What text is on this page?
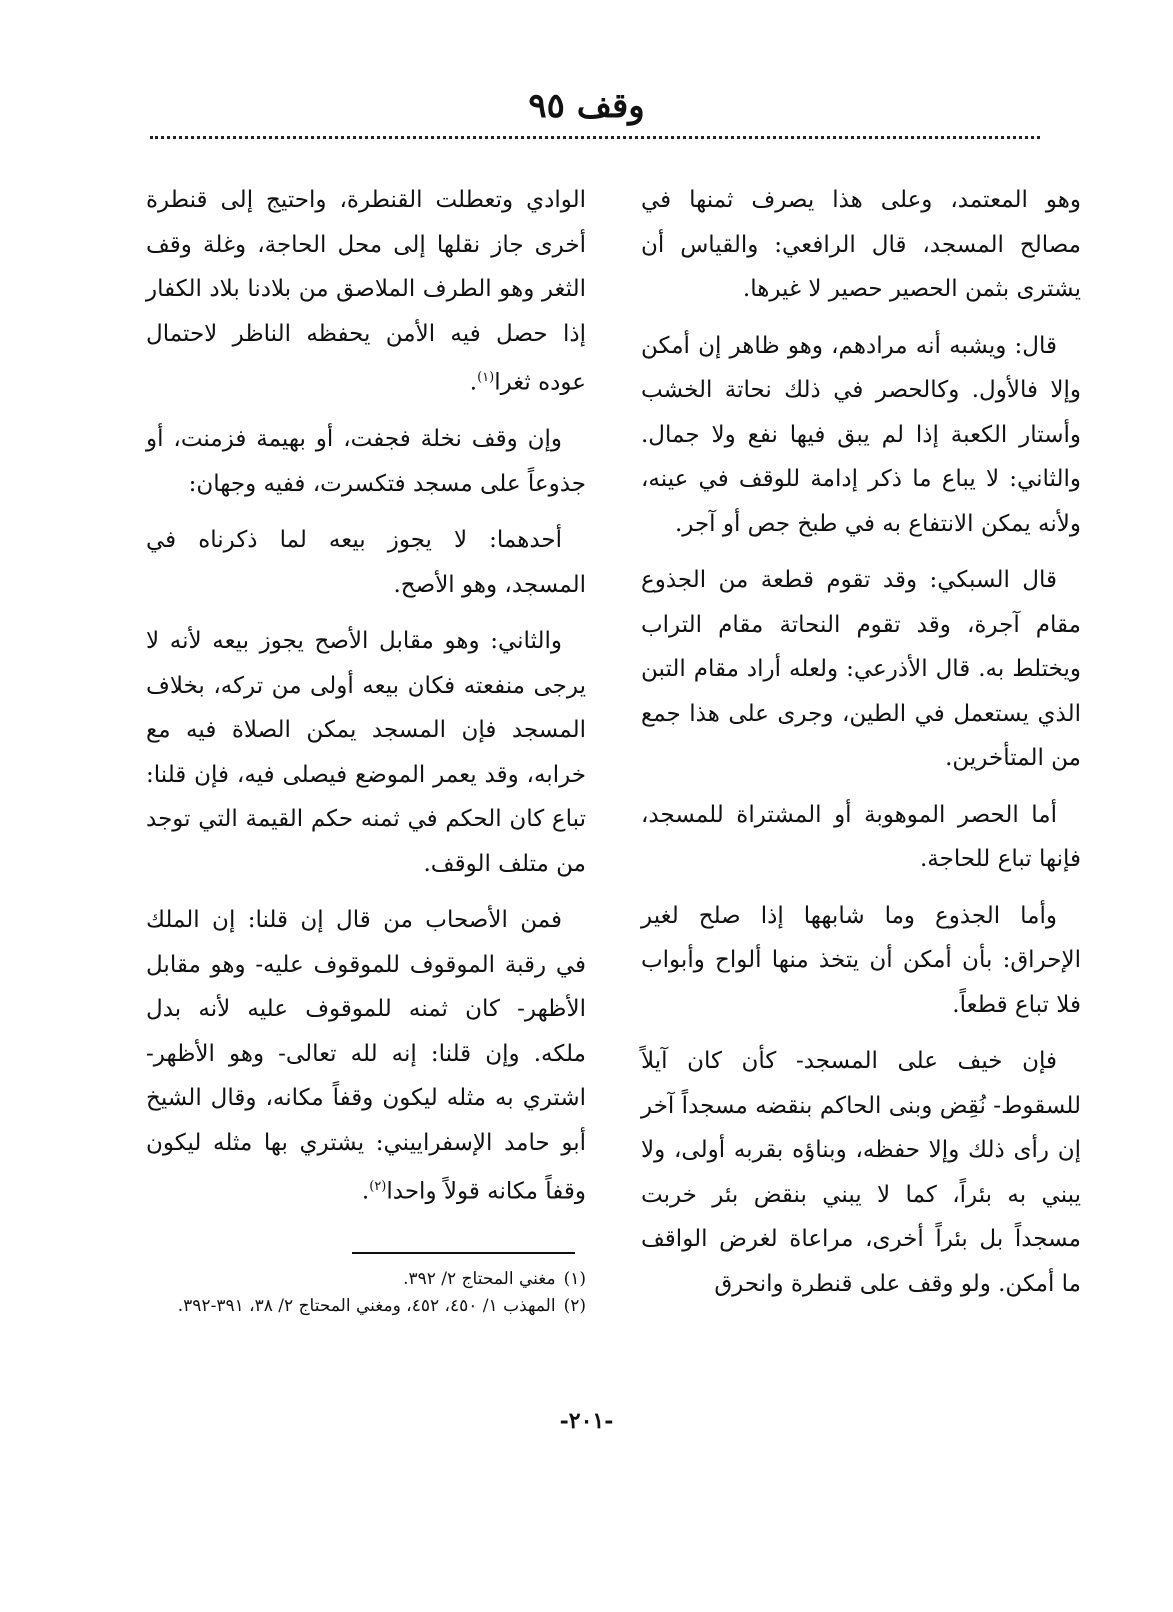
وقف ٩٥

وهو المعتمد، وعلى هذا يصرف ثمنها في مصالح المسجد، قال الرافعي: والقياس أن يشترى بثمن الحصير حصير لا غيرها.

قال: ويشبه أنه مرادهم، وهو ظاهر إن أمكن وإلا فالأول. وكالحصر في ذلك نحاتة الخشب وأستار الكعبة إذا لم يبق فيها نفع ولا جمال. والثاني: لا يباع ما ذكر إدامة للوقف في عينه، ولأنه يمكن الانتفاع به في طبخ جص أو آجر.

قال السبكي: وقد تقوم قطعة من الجذوع مقام آجرة، وقد تقوم النحاتة مقام التراب ويختلط به. قال الأذرعي: ولعله أراد مقام التبن الذي يستعمل في الطين، وجرى على هذا جمع من المتأخرين.

أما الحصر الموهوبة أو المشتراة للمسجد، فإنها تباع للحاجة.

وأما الجذوع وما شابهها إذا صلح لغير الإحراق: بأن أمكن أن يتخذ منها ألواح وأبواب فلا تباع قطعاً.

فإن خيف على المسجد- كأن كان آيلاً للسقوط- نُقِض وبنى الحاكم بنقضه مسجداً آخر إن رأى ذلك وإلا حفظه، وبناؤه بقربه أولى، ولا يبني به بئراً، كما لا يبني بنقض بئر خربت مسجداً بل بئراً أخرى، مراعاة لغرض الواقف ما أمكن. ولو وقف على قنطرة وانحرق

الوادي وتعطلت القنطرة، واحتيج إلى قنطرة أخرى جاز نقلها إلى محل الحاجة، وغلة وقف الثغر وهو الطرف الملاصق من بلادنا بلاد الكفار إذا حصل فيه الأمن يحفظه الناظر لاحتمال عوده ثغرا$^{(١)}$.

وإن وقف نخلة فجفت، أو بهيمة فزمنت، أو جذوعاً على مسجد فتكسرت، ففيه وجهان:

أحدهما: لا يجوز بيعه لما ذكرناه في المسجد، وهو الأصح.

والثاني: وهو مقابل الأصح يجوز بيعه لأنه لا يرجى منفعته فكان بيعه أولى من تركه، بخلاف المسجد فإن المسجد يمكن الصلاة فيه مع خرابه، وقد يعمر الموضع فيصلى فيه، فإن قلنا: تباع كان الحكم في ثمنه حكم القيمة التي توجد من متلف الوقف.

فمن الأصحاب من قال إن قلنا: إن الملك في رقبة الموقوف للموقوف عليه- وهو مقابل الأظهر- كان ثمنه للموقوف عليه لأنه بدل ملكه. وإن قلنا: إنه لله تعالى- وهو الأظهر- اشتري به مثله ليكون وقفاً مكانه، وقال الشيخ أبو حامد الإسفراييني: يشتري بها مثله ليكون وقفاً مكانه قولاً واحدا$^{(٢)}$.

(١)
مغني المحتاج ٢/ ٣٩٢.
(٢)
المهذب ١/ ٤٥٠، ٤٥٢، ومغني المحتاج ٢/ ٣٨، ٣٩١-٣٩٢.
-٢٠١-
